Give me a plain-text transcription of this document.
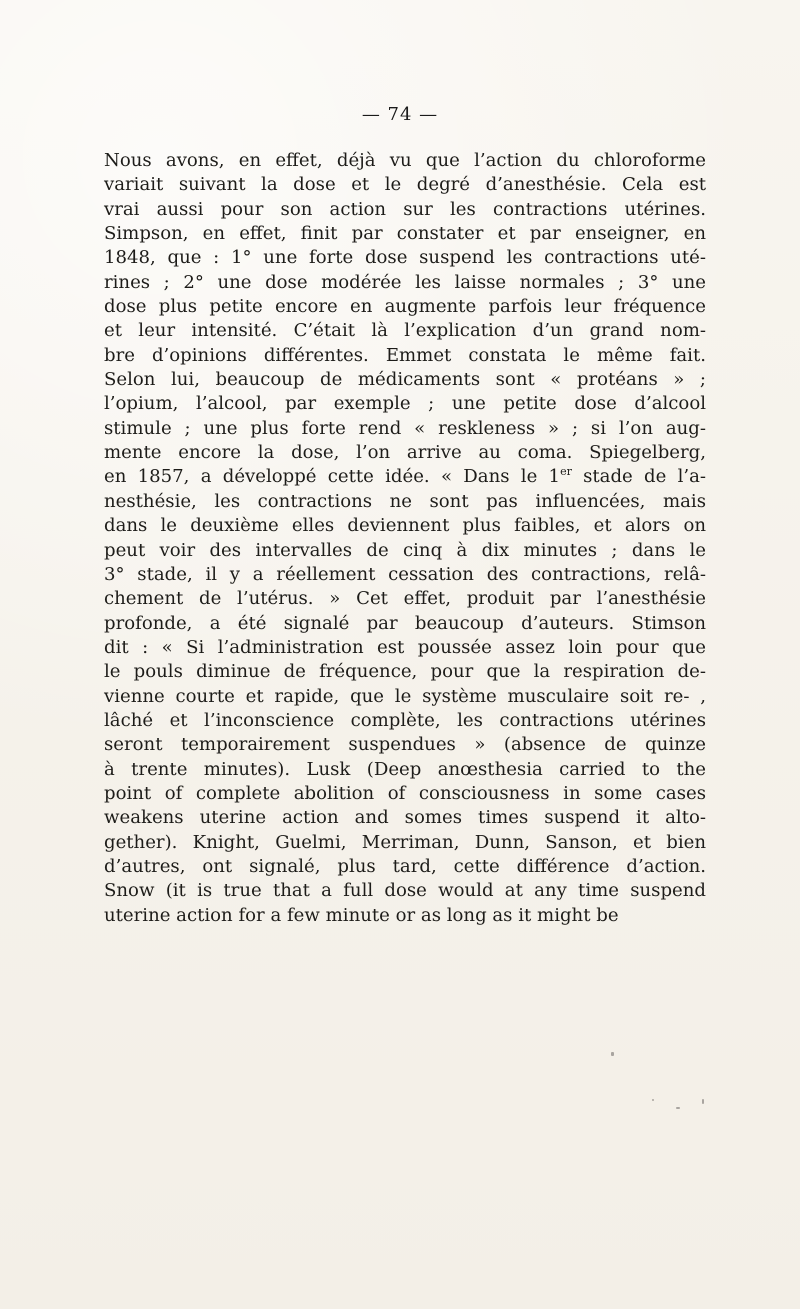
— 74 —
Nous avons, en effet, déjà vu que l’action du chloroforme
variait suivant la dose et le degré d’anesthésie. Cela est
vrai aussi pour son action sur les contractions utérines.
Simpson, en effet, finit par constater et par enseigner, en
1848, que : 1° une forte dose suspend les contractions uté-
rines ; 2° une dose modérée les laisse normales ; 3° une
dose plus petite encore en augmente parfois leur fréquence
et leur intensité. C’était là l’explication d’un grand nom-
bre d’opinions différentes. Emmet constata le même fait.
Selon lui, beaucoup de médicaments sont « protéans » ;
l’opium, l’alcool, par exemple ; une petite dose d’alcool
stimule ; une plus forte rend « reskleness » ; si l’on aug-
mente encore la dose, l’on arrive au coma. Spiegelberg,
en 1857, a développé cette idée. « Dans le 1er stade de l’a-
nesthésie, les contractions ne sont pas influencées, mais
dans le deuxième elles deviennent plus faibles, et alors on
peut voir des intervalles de cinq à dix minutes ; dans le
3° stade, il y a réellement cessation des contractions, relâ-
chement de l’utérus. » Cet effet, produit par l’anesthésie
profonde, a été signalé par beaucoup d’auteurs. Stimson
dit : « Si l’administration est poussée assez loin pour que
le pouls diminue de fréquence, pour que la respiration de-
vienne courte et rapide, que le système musculaire soit re- ,
lâché et l’inconscience complète, les contractions utérines
seront temporairement suspendues » (absence de quinze
à trente minutes). Lusk (Deep anœsthesia carried to the
point of complete abolition of consciousness in some cases
weakens uterine action and somes times suspend it alto-
gether). Knight, Guelmi, Merriman, Dunn, Sanson, et bien
d’autres, ont signalé, plus tard, cette différence d’action.
Snow (it is true that a full dose would at any time suspend
uterine action for a few minute or as long as it might be
